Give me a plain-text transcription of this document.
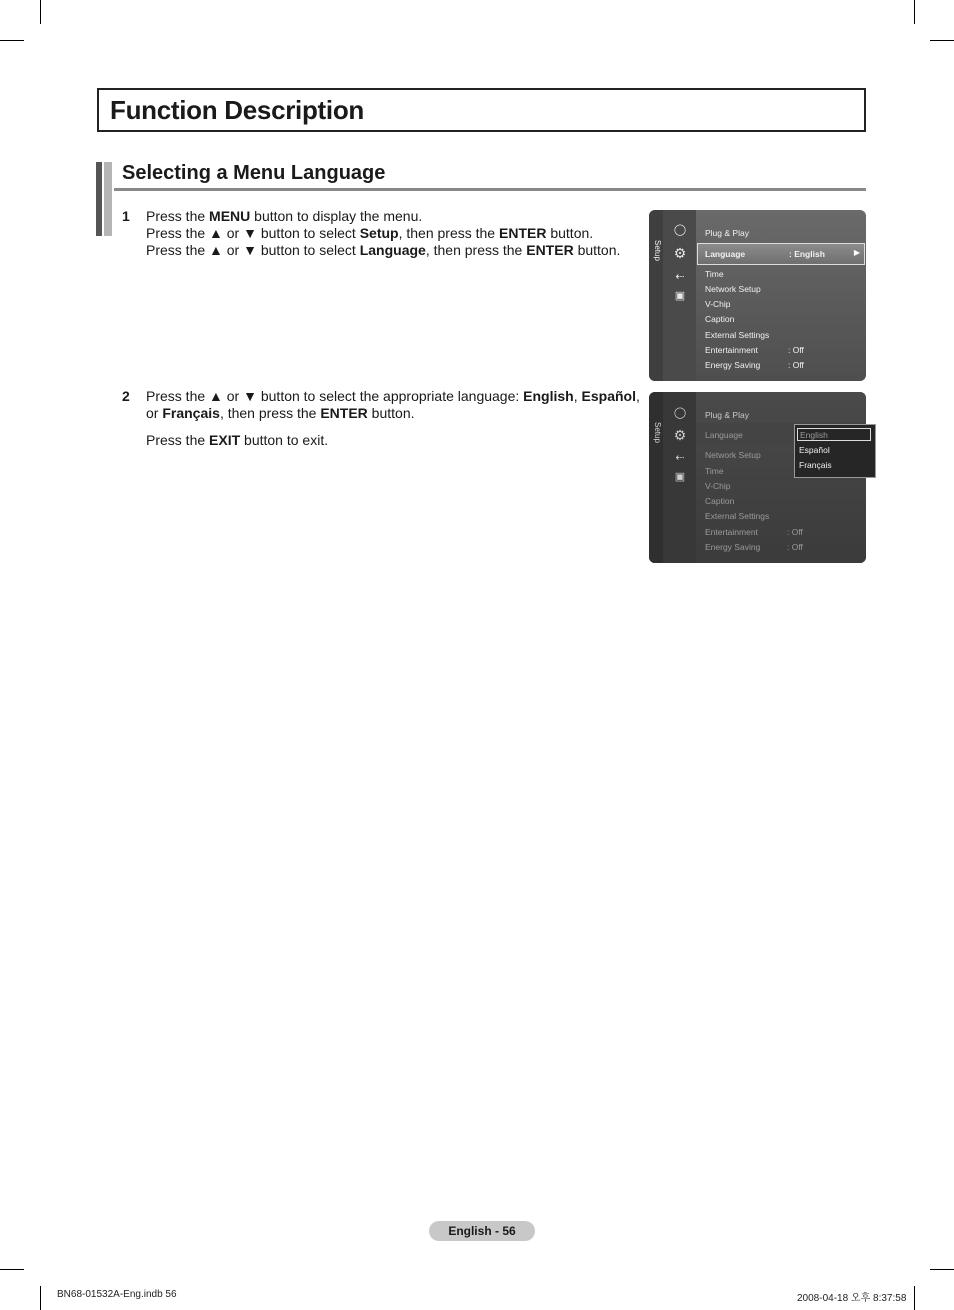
Function Description
Selecting a Menu Language
1 Press the MENU button to display the menu.
Press the ▲ or ▼ button to select Setup, then press the ENTER button.
Press the ▲ or ▼ button to select Language, then press the ENTER button.
2 Press the ▲ or ▼ button to select the appropriate language: English, Español,
or Français, then press the ENTER button.
Press the EXIT button to exit.
Setup
◯
⚙
⇠
▣
Plug & Play
Language	: English	▶
Time
Network Setup
V-Chip
Caption
External Settings
Entertainment	: Off
Energy Saving	: Off
Setup
◯
⚙
⇠
▣
Plug & Play
Language
Network Setup
Time
V-Chip
Caption
External Settings
Entertainment	: Off
Energy Saving	: Off
English
Español
Français
English - 56
BN68-01532A-Eng.indb 56	2008-04-18 오후 8:37:58
